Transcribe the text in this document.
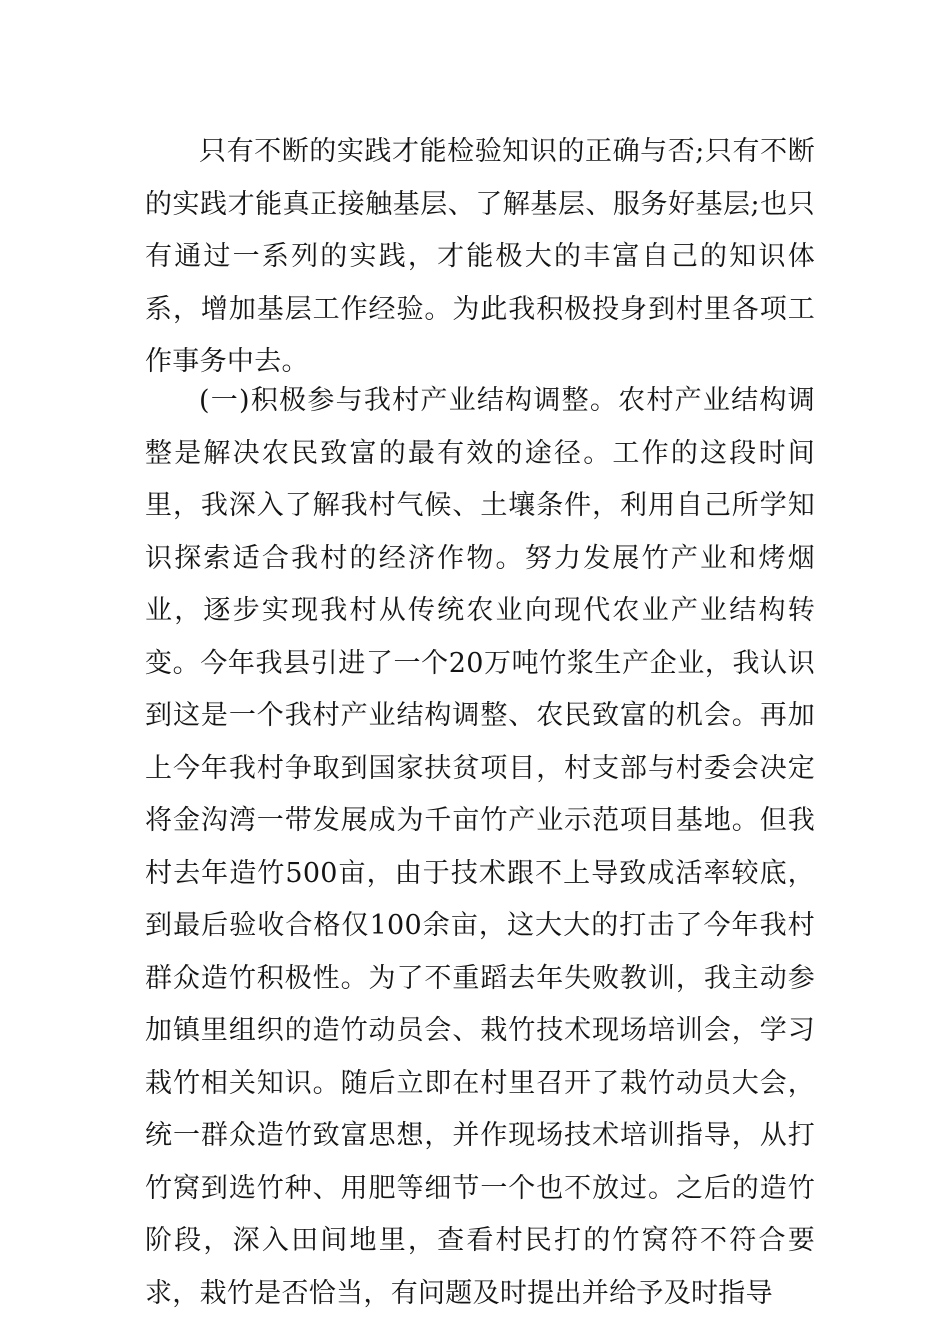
只有不断的实践才能检验知识的正确与否;只有不断的实践才能真正接触基层、了解基层、服务好基层;也只有通过一系列的实践，才能极大的丰富自己的知识体系，增加基层工作经验。为此我积极投身到村里各项工作事务中去。

(一)积极参与我村产业结构调整。农村产业结构调整是解决农民致富的最有效的途径。工作的这段时间里，我深入了解我村气候、土壤条件，利用自己所学知识探索适合我村的经济作物。努力发展竹产业和烤烟业，逐步实现我村从传统农业向现代农业产业结构转变。今年我县引进了一个20万吨竹浆生产企业，我认识到这是一个我村产业结构调整、农民致富的机会。再加上今年我村争取到国家扶贫项目，村支部与村委会决定将金沟湾一带发展成为千亩竹产业示范项目基地。但我村去年造竹500亩，由于技术跟不上导致成活率较底，到最后验收合格仅100余亩，这大大的打击了今年我村群众造竹积极性。为了不重蹈去年失败教训，我主动参加镇里组织的造竹动员会、栽竹技术现场培训会，学习栽竹相关知识。随后立即在村里召开了栽竹动员大会，统一群众造竹致富思想，并作现场技术培训指导，从打竹窝到选竹种、用肥等细节一个也不放过。之后的造竹阶段，深入田间地里，查看村民打的竹窝符不符合要求，栽竹是否恰当，有问题及时提出并给予及时指导
